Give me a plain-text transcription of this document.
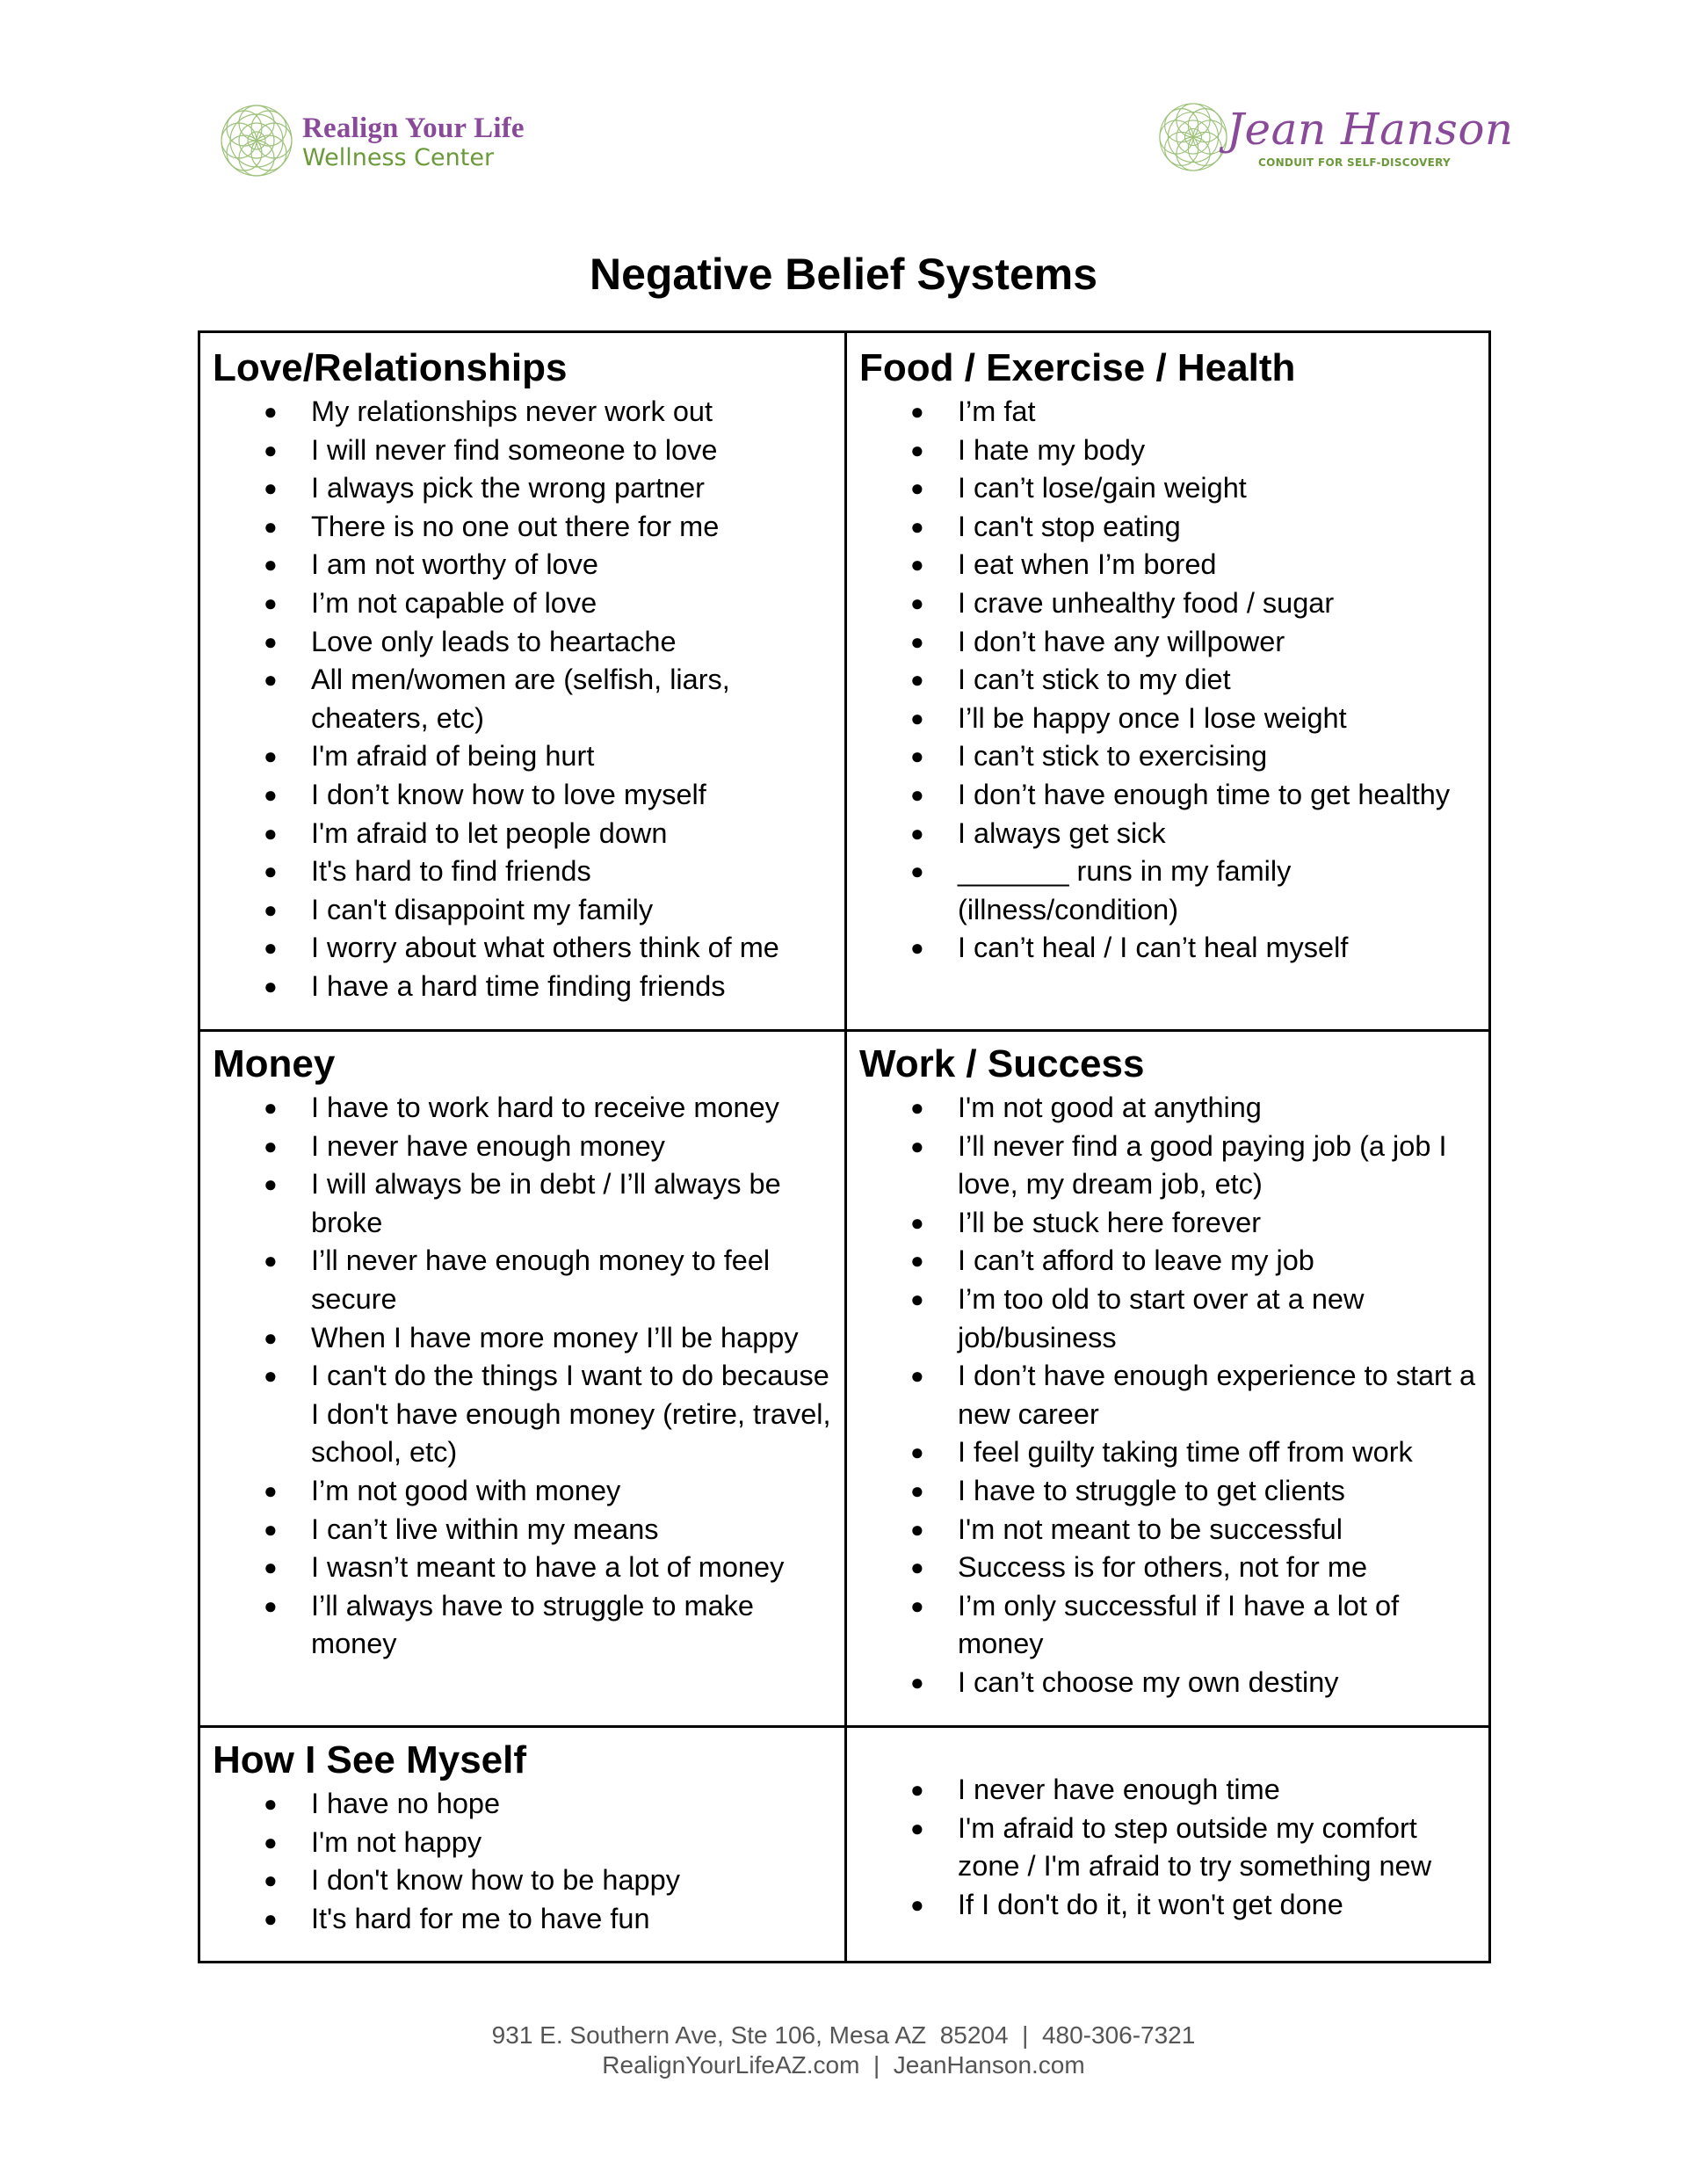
Realign Your Life
Wellness Center
Jean Hanson
CONDUIT FOR SELF-DISCOVERY
Negative Belief Systems
Love/Relationships
● My relationships never work out
● I will never find someone to love
● I always pick the wrong partner
● There is no one out there for me
● I am not worthy of love
● I’m not capable of love
● Love only leads to heartache
● All men/women are (selfish, liars, cheaters, etc)
● I'm afraid of being hurt
● I don’t know how to love myself
● I'm afraid to let people down
● It's hard to find friends
● I can't disappoint my family
● I worry about what others think of me
● I have a hard time finding friends
Food / Exercise / Health
● I’m fat
● I hate my body
● I can’t lose/gain weight
● I can't stop eating
● I eat when I’m bored
● I crave unhealthy food / sugar
● I don’t have any willpower
● I can’t stick to my diet
● I’ll be happy once I lose weight
● I can’t stick to exercising
● I don’t have enough time to get healthy
● I always get sick
● _______ runs in my family (illness/condition)
● I can’t heal / I can’t heal myself
Money
● I have to work hard to receive money
● I never have enough money
● I will always be in debt / I’ll always be broke
● I’ll never have enough money to feel secure
● When I have more money I’ll be happy
● I can't do the things I want to do because I don't have enough money (retire, travel, school, etc)
● I’m not good with money
● I can’t live within my means
● I wasn’t meant to have a lot of money
● I’ll always have to struggle to make money
Work / Success
● I'm not good at anything
● I’ll never find a good paying job (a job I love, my dream job, etc)
● I’ll be stuck here forever
● I can’t afford to leave my job
● I’m too old to start over at a new job/business
● I don’t have enough experience to start a new career
● I feel guilty taking time off from work
● I have to struggle to get clients
● I'm not meant to be successful
● Success is for others, not for me
● I’m only successful if I have a lot of money
● I can’t choose my own destiny
How I See Myself
● I have no hope
● I'm not happy
● I don't know how to be happy
● It's hard for me to have fun
● I never have enough time
● I'm afraid to step outside my comfort zone / I'm afraid to try something new
● If I don't do it, it won't get done
931 E. Southern Ave, Ste 106, Mesa AZ  85204  |  480-306-7321
RealignYourLifeAZ.com  |  JeanHanson.com
